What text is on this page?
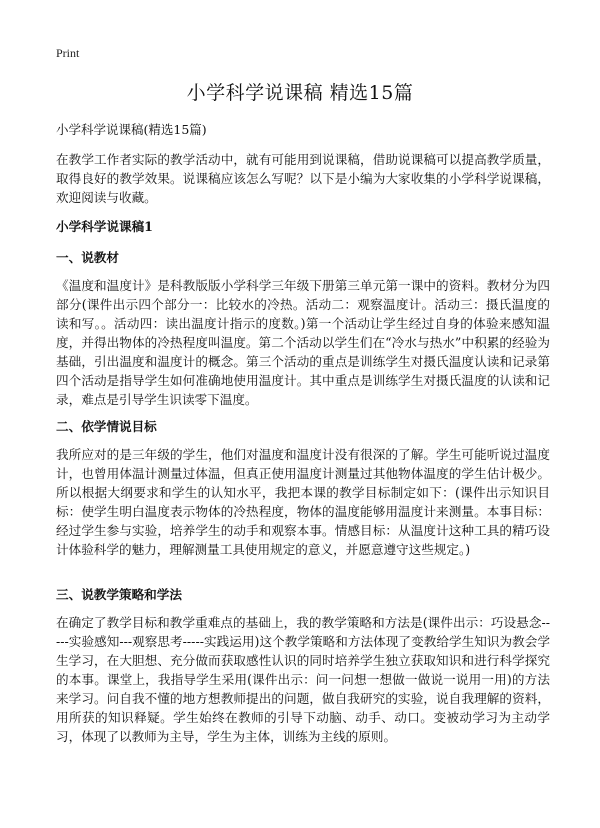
Print
小学科学说课稿 精选15篇

小学科学说课稿(精选15篇)

在教学工作者实际的教学活动中，就有可能用到说课稿，借助说课稿可以提高教学质量，取得良好的教学效果。说课稿应该怎么写呢？以下是小编为大家收集的小学科学说课稿，欢迎阅读与收藏。

小学科学说课稿1

一、说教材

《温度和温度计》是科教版版小学科学三年级下册第三单元第一课中的资料。教材分为四部分(课件出示四个部分一：比较水的冷热。活动二：观察温度计。活动三：摄氏温度的读和写。。活动四：读出温度计指示的度数。)第一个活动让学生经过自身的体验来感知温度，并得出物体的冷热程度叫温度。第二个活动以学生们在“冷水与热水”中积累的经验为基础，引出温度和温度计的概念。第三个活动的重点是训练学生对摄氏温度认读和记录第四个活动是指导学生如何准确地使用温度计。其中重点是训练学生对摄氏温度的认读和记录，难点是引导学生识读零下温度。

二、依学情说目标

我所应对的是三年级的学生，他们对温度和温度计没有很深的了解。学生可能听说过温度计，也曾用体温计测量过体温，但真正使用温度计测量过其他物体温度的学生估计极少。所以根据大纲要求和学生的认知水平，我把本课的教学目标制定如下：(课件出示知识目标：使学生明白温度表示物体的冷热程度，物体的温度能够用温度计来测量。本事目标：经过学生参与实验，培养学生的动手和观察本事。情感目标：从温度计这种工具的精巧设计体验科学的魅力，理解测量工具使用规定的意义，并愿意遵守这些规定。)

三、说教学策略和学法

在确定了教学目标和教学重难点的基础上，我的教学策略和方法是(课件出示：巧设悬念-----实验感知---观察思考-----实践运用)这个教学策略和方法体现了变教给学生知识为教会学生学习，在大胆想、充分做而获取感性认识的同时培养学生独立获取知识和进行科学探究的本事。课堂上，我指导学生采用(课件出示：问一问想一想做一做说一说用一用)的方法来学习。问自我不懂的地方想教师提出的问题，做自我研究的实验，说自我理解的资料，用所获的知识释疑。学生始终在教师的引导下动脑、动手、动口。变被动学习为主动学习，体现了以教师为主导，学生为主体，训练为主线的原则。
